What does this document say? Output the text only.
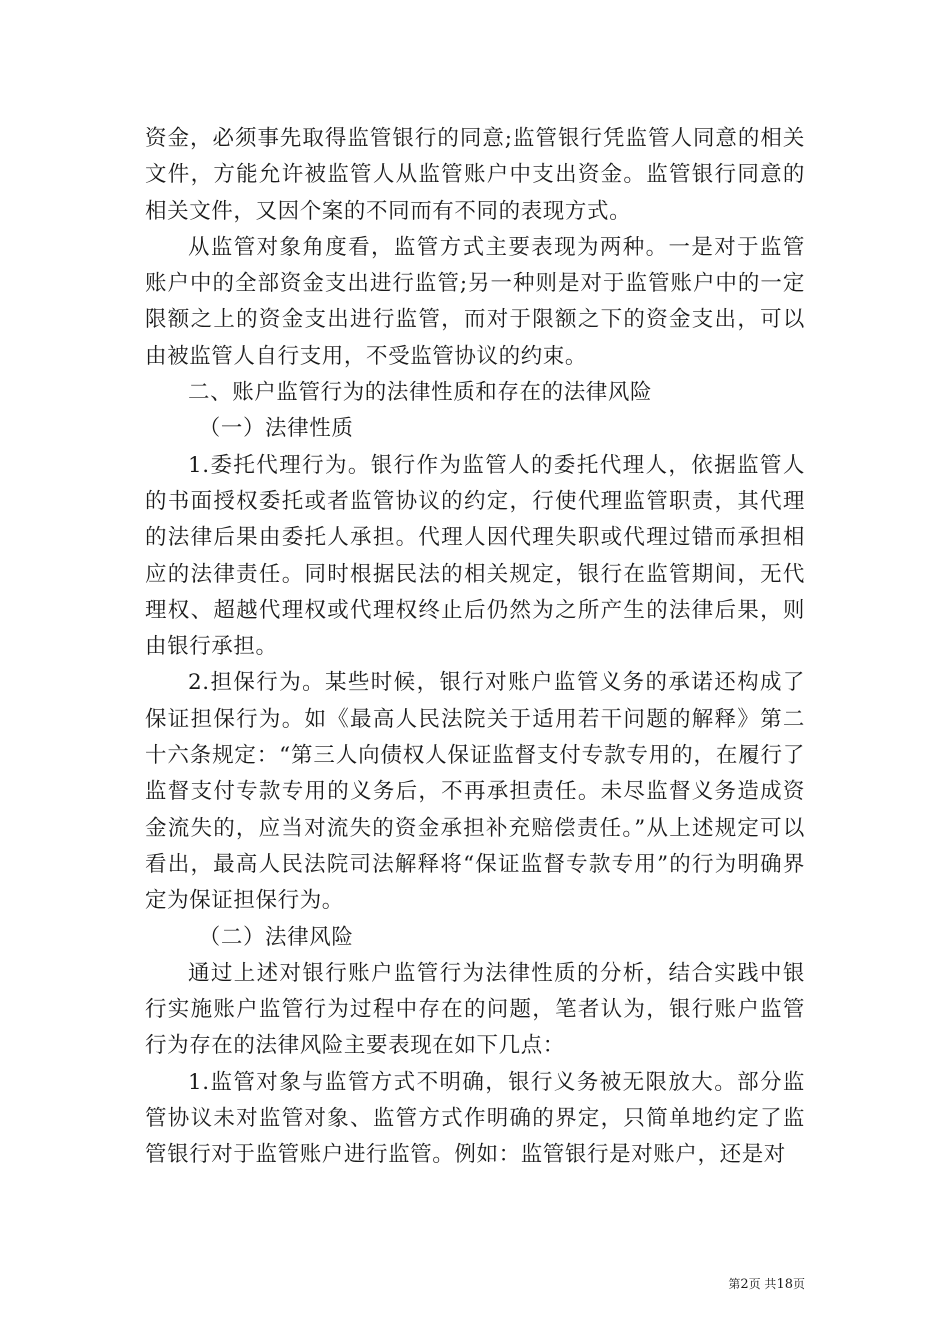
资金，必须事先取得监管银行的同意;监管银行凭监管人同意的相关文件，方能允许被监管人从监管账户中支出资金。监管银行同意的相关文件，又因个案的不同而有不同的表现方式。

从监管对象角度看，监管方式主要表现为两种。一是对于监管账户中的全部资金支出进行监管;另一种则是对于监管账户中的一定限额之上的资金支出进行监管，而对于限额之下的资金支出，可以由被监管人自行支用，不受监管协议的约束。

二、账户监管行为的法律性质和存在的法律风险

（一）法律性质

1.委托代理行为。银行作为监管人的委托代理人，依据监管人的书面授权委托或者监管协议的约定，行使代理监管职责，其代理的法律后果由委托人承担。代理人因代理失职或代理过错而承担相应的法律责任。同时根据民法的相关规定，银行在监管期间，无代理权、超越代理权或代理权终止后仍然为之所产生的法律后果，则由银行承担。

2.担保行为。某些时候，银行对账户监管义务的承诺还构成了保证担保行为。如《最高人民法院关于适用若干问题的解释》第二十六条规定：“第三人向债权人保证监督支付专款专用的，在履行了监督支付专款专用的义务后，不再承担责任。未尽监督义务造成资金流失的，应当对流失的资金承担补充赔偿责任。”从上述规定可以看出，最高人民法院司法解释将“保证监督专款专用”的行为明确界定为保证担保行为。

（二）法律风险

通过上述对银行账户监管行为法律性质的分析，结合实践中银行实施账户监管行为过程中存在的问题，笔者认为，银行账户监管行为存在的法律风险主要表现在如下几点：

1.监管对象与监管方式不明确，银行义务被无限放大。部分监管协议未对监管对象、监管方式作明确的界定，只简单地约定了监管银行对于监管账户进行监管。例如：监管银行是对账户，还是对

第2页 共18页
